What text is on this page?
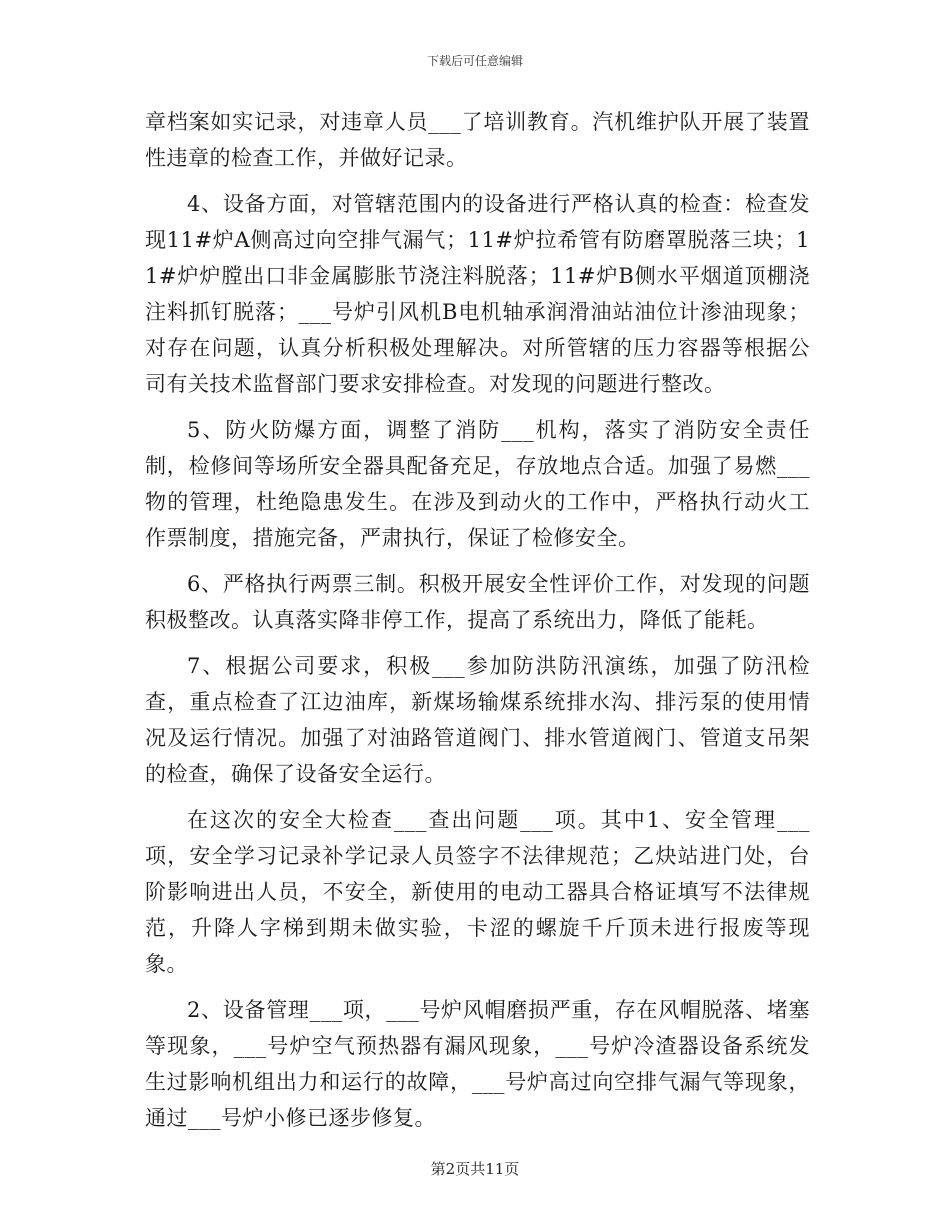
下载后可任意编辑

章档案如实记录，对违章人员___了培训教育。汽机维护队开展了装置性违章的检查工作，并做好记录。

4、设备方面，对管辖范围内的设备进行严格认真的检查：检查发现11#炉A侧高过向空排气漏气；11#炉拉希管有防磨罩脱落三块；11#炉炉膛出口非金属膨胀节浇注料脱落；11#炉B侧水平烟道顶棚浇注料抓钉脱落；___号炉引风机B电机轴承润滑油站油位计渗油现象；对存在问题，认真分析积极处理解决。对所管辖的压力容器等根据公司有关技术监督部门要求安排检查。对发现的问题进行整改。

5、防火防爆方面，调整了消防___机构，落实了消防安全责任制，检修间等场所安全器具配备充足，存放地点合适。加强了易燃___物的管理，杜绝隐患发生。在涉及到动火的工作中，严格执行动火工作票制度，措施完备，严肃执行，保证了检修安全。

6、严格执行两票三制。积极开展安全性评价工作，对发现的问题积极整改。认真落实降非停工作，提高了系统出力，降低了能耗。

7、根据公司要求，积极___参加防洪防汛演练，加强了防汛检查，重点检查了江边油库，新煤场输煤系统排水沟、排污泵的使用情况及运行情况。加强了对油路管道阀门、排水管道阀门、管道支吊架的检查，确保了设备安全运行。

在这次的安全大检查___查出问题___项。其中1、安全管理___项，安全学习记录补学记录人员签字不法律规范；乙炔站进门处，台阶影响进出人员，不安全，新使用的电动工器具合格证填写不法律规范，升降人字梯到期未做实验，卡涩的螺旋千斤顶未进行报废等现象。

2、设备管理___项，___号炉风帽磨损严重，存在风帽脱落、堵塞等现象，___号炉空气预热器有漏风现象，___号炉冷渣器设备系统发生过影响机组出力和运行的故障，___号炉高过向空排气漏气等现象，通过___号炉小修已逐步修复。

第2页共11页
